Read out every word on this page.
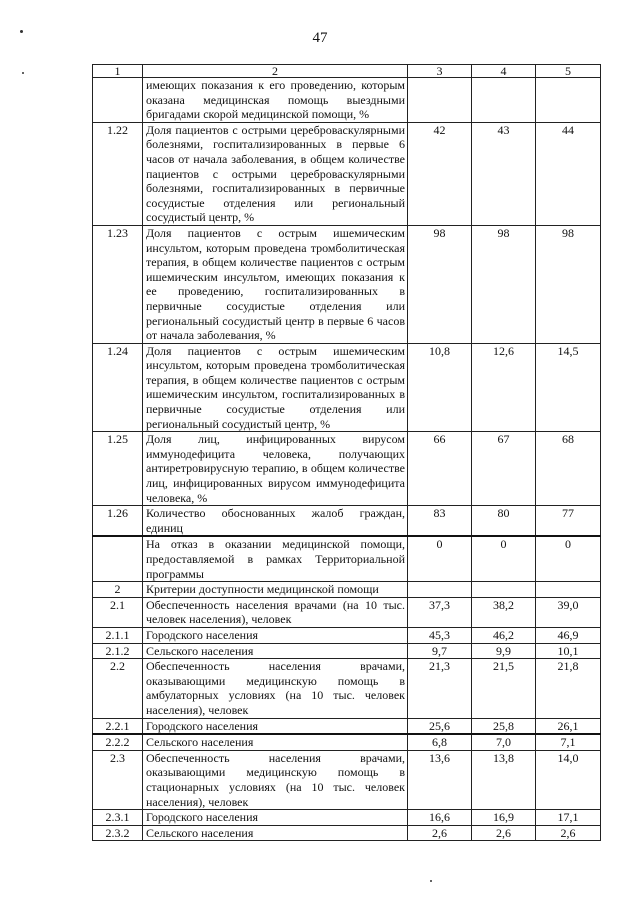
47
1	2	3	4	5
	имеющих показания к его проведению, которым оказана медицинская помощь выездными бригадами скорой медицинской помощи, %			
1.22	Доля пациентов с острыми цереброваскулярными болезнями, госпитализированных в первые 6 часов от начала заболевания, в общем количестве пациентов с острыми цереброваскулярными болезнями, госпитализированных в первичные сосудистые отделения или региональный сосудистый центр, %	42	43	44
1.23	Доля пациентов с острым ишемическим инсультом, которым проведена тромболитическая терапия, в общем количестве пациентов с острым ишемическим инсультом, имеющих показания к ее проведению, госпитализированных в первичные сосудистые отделения или региональный сосудистый центр в первые 6 часов от начала заболевания, %	98	98	98
1.24	Доля пациентов с острым ишемическим инсультом, которым проведена тромболитическая терапия, в общем количестве пациентов с острым ишемическим инсультом, госпитализированных в первичные сосудистые отделения или региональный сосудистый центр, %	10,8	12,6	14,5
1.25	Доля лиц, инфицированных вирусом иммунодефицита человека, получающих антиретровирусную терапию, в общем количестве лиц, инфицированных вирусом иммунодефицита человека, %	66	67	68
1.26	Количество обоснованных жалоб граждан, единиц	83	80	77
	На отказ в оказании медицинской помощи, предоставляемой в рамках Территориальной программы	0	0	0
2	Критерии доступности медицинской помощи			
2.1	Обеспеченность населения врачами (на 10 тыс. человек населения), человек	37,3	38,2	39,0
2.1.1	Городского населения	45,3	46,2	46,9
2.1.2	Сельского населения	9,7	9,9	10,1
2.2	Обеспеченность населения врачами, оказывающими медицинскую помощь в амбулаторных условиях (на 10 тыс. человек населения), человек	21,3	21,5	21,8
2.2.1	Городского населения	25,6	25,8	26,1
2.2.2	Сельского населения	6,8	7,0	7,1
2.3	Обеспеченность населения врачами, оказывающими медицинскую помощь в стационарных условиях (на 10 тыс. человек населения), человек	13,6	13,8	14,0
2.3.1	Городского населения	16,6	16,9	17,1
2.3.2	Сельского населения	2,6	2,6	2,6
